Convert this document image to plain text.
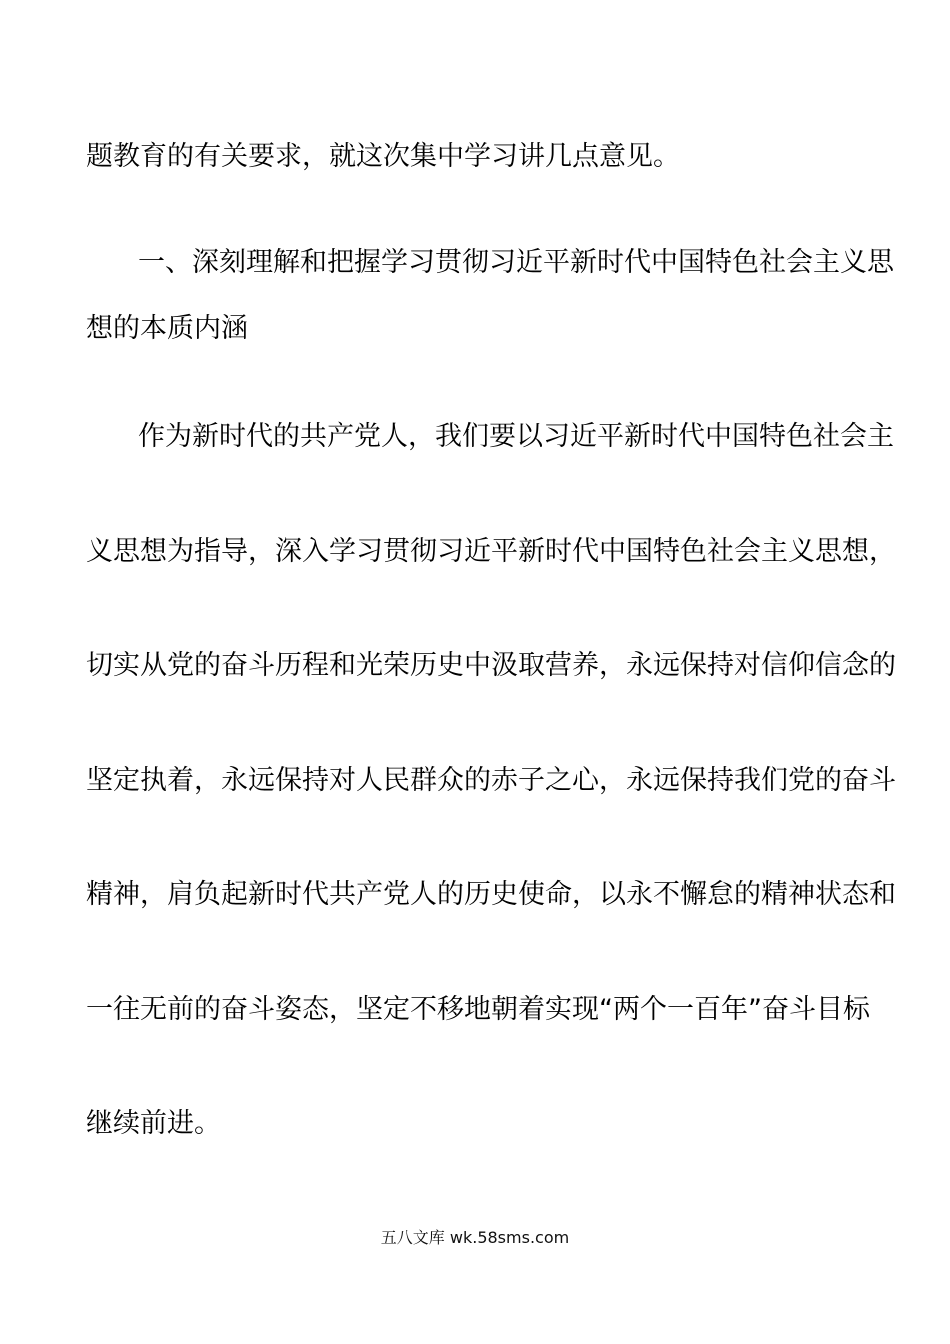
题教育的有关要求，就这次集中学习讲几点意见。
一、深刻理解和把握学习贯彻习近平新时代中国特色社会主义思
想的本质内涵
作为新时代的共产党人，我们要以习近平新时代中国特色社会主
义思想为指导，深入学习贯彻习近平新时代中国特色社会主义思想，
切实从党的奋斗历程和光荣历史中汲取营养，永远保持对信仰信念的
坚定执着，永远保持对人民群众的赤子之心，永远保持我们党的奋斗
精神，肩负起新时代共产党人的历史使命，以永不懈怠的精神状态和
一往无前的奋斗姿态，坚定不移地朝着实现“两个一百年”奋斗目标
继续前进。
五八文库 wk.58sms.com
